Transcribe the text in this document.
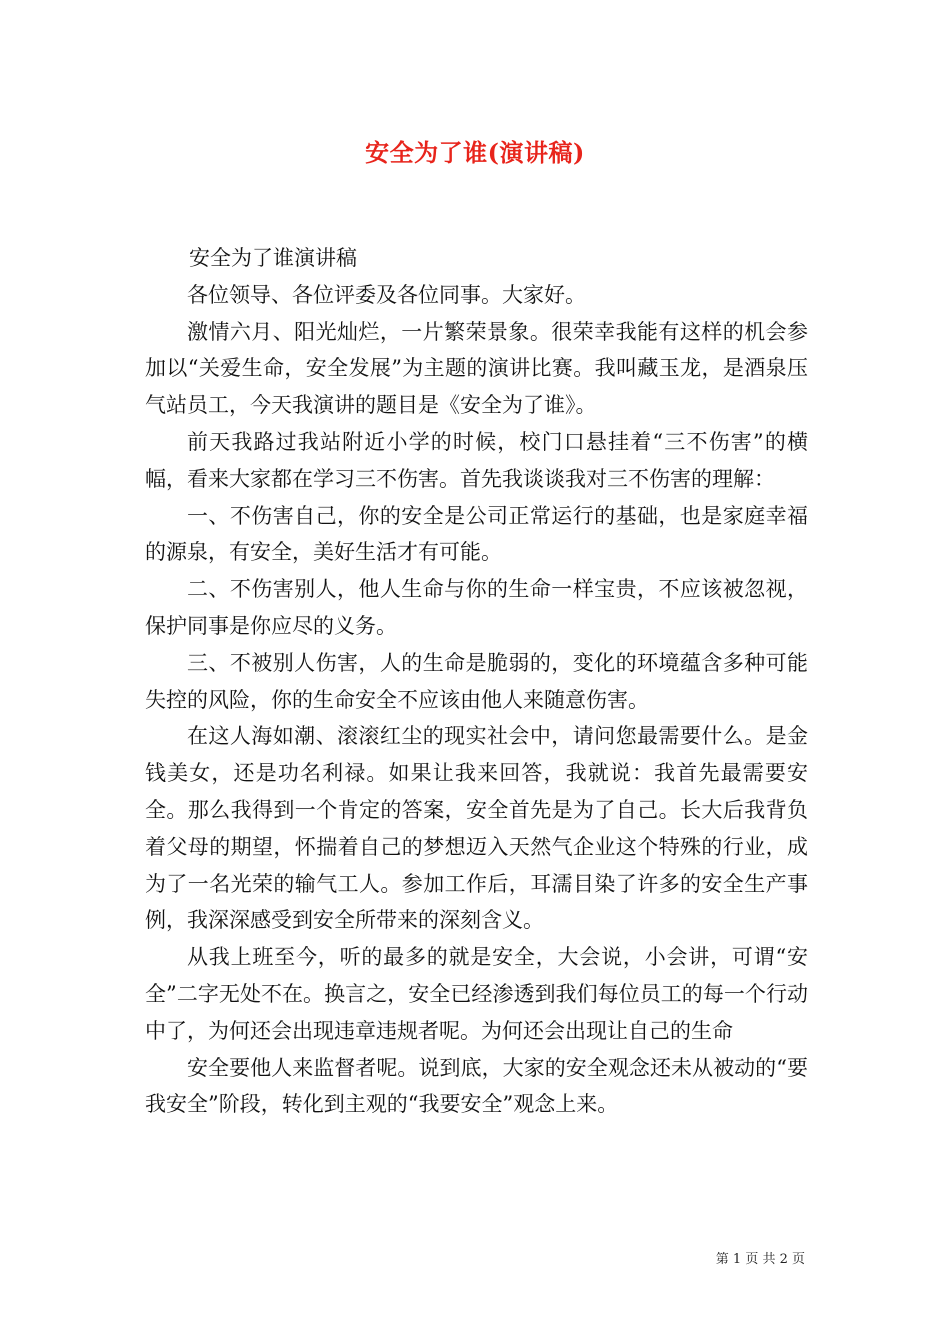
安全为了谁(演讲稿)

安全为了谁演讲稿

各位领导、各位评委及各位同事。大家好。

激情六月、阳光灿烂，一片繁荣景象。很荣幸我能有这样的机会参加以“关爱生命，安全发展”为主题的演讲比赛。我叫藏玉龙，是酒泉压气站员工，今天我演讲的题目是《安全为了谁》。

前天我路过我站附近小学的时候，校门口悬挂着“三不伤害”的横幅，看来大家都在学习三不伤害。首先我谈谈我对三不伤害的理解：

一、不伤害自己，你的安全是公司正常运行的基础，也是家庭幸福的源泉，有安全，美好生活才有可能。

二、不伤害别人，他人生命与你的生命一样宝贵，不应该被忽视，保护同事是你应尽的义务。

三、不被别人伤害，人的生命是脆弱的，变化的环境蕴含多种可能失控的风险，你的生命安全不应该由他人来随意伤害。

在这人海如潮、滚滚红尘的现实社会中，请问您最需要什么。是金钱美女，还是功名利禄。如果让我来回答，我就说：我首先最需要安全。那么我得到一个肯定的答案，安全首先是为了自己。长大后我背负着父母的期望，怀揣着自己的梦想迈入天然气企业这个特殊的行业，成为了一名光荣的输气工人。参加工作后，耳濡目染了许多的安全生产事例，我深深感受到安全所带来的深刻含义。

从我上班至今，听的最多的就是安全，大会说，小会讲，可谓“安全”二字无处不在。换言之，安全已经渗透到我们每位员工的每一个行动中了，为何还会出现违章违规者呢。为何还会出现让自己的生命

安全要他人来监督者呢。说到底，大家的安全观念还未从被动的“要我安全”阶段，转化到主观的“我要安全”观念上来。

第 1 页 共 2 页
